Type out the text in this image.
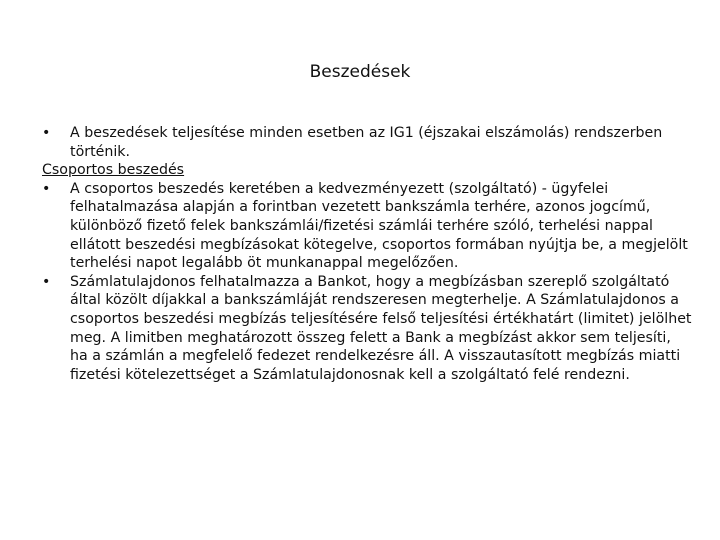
Beszedések
•	A beszedések teljesítése minden esetben az IG1 (éjszakai elszámolás) rendszerben történik.
Csoportos beszedés
•	A csoportos beszedés keretében a kedvezményezett (szolgáltató) - ügyfelei felhatalmazása alapján a forintban vezetett bankszámla terhére, azonos jogcímű, különböző fizető felek bankszámlái/fizetési számlái terhére szóló, terhelési nappal ellátott beszedési megbízásokat kötegelve, csoportos formában nyújtja be, a megjelölt terhelési napot legalább öt munkanappal megelőzően.
•	Számlatulajdonos felhatalmazza a Bankot, hogy a megbízásban szereplő szolgáltató által közölt díjakkal a bankszámláját rendszeresen megterhelje. A Számlatulajdonos a csoportos beszedési megbízás teljesítésére felső teljesítési értékhatárt (limitet) jelölhet meg. A limitben meghatározott összeg felett a Bank a megbízást akkor sem teljesíti, ha a számlán a megfelelő fedezet rendelkezésre áll. A visszautasított megbízás miatti fizetési kötelezettséget a Számlatulajdonosnak kell a szolgáltató felé rendezni.
